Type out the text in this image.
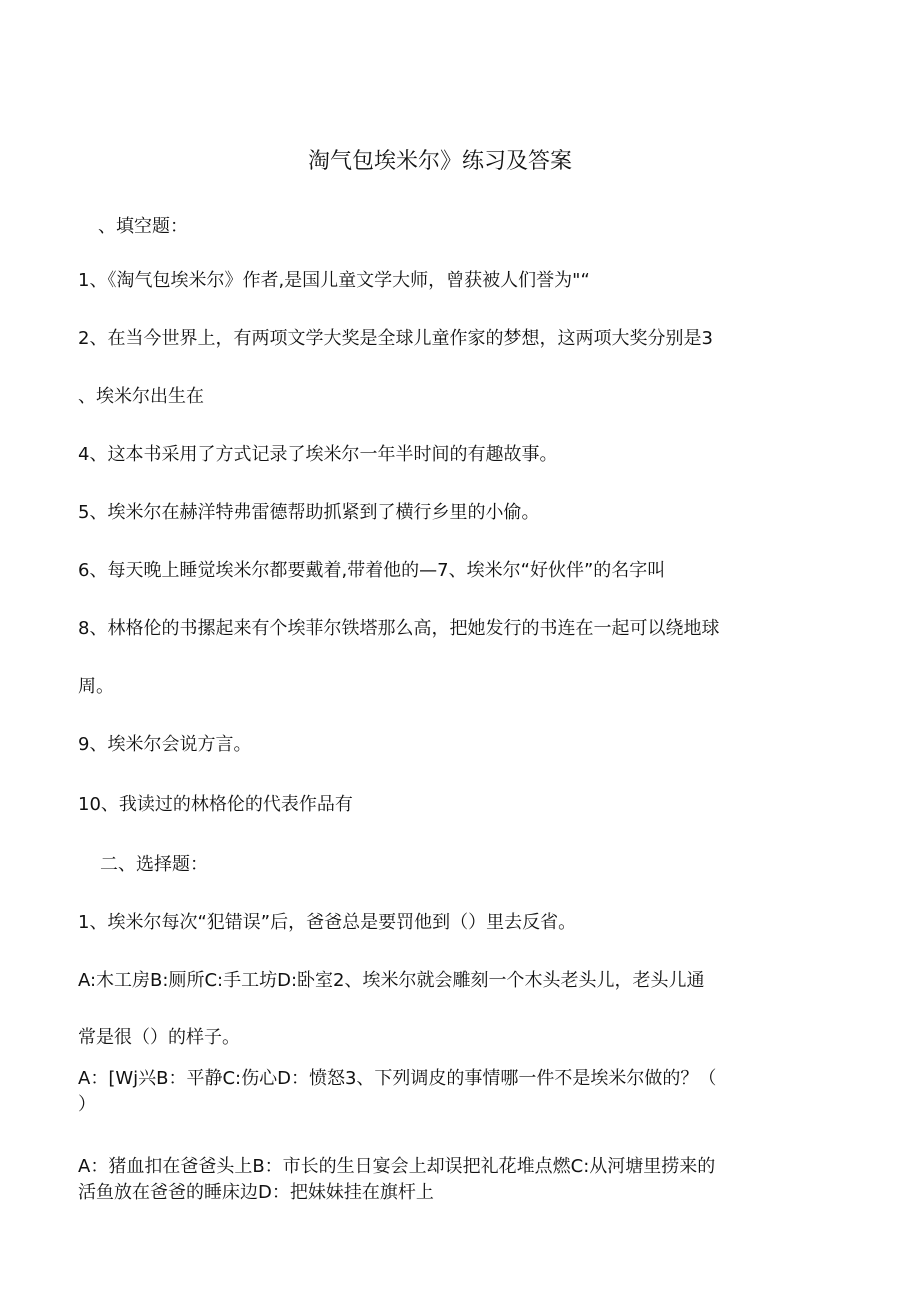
淘气包埃米尔》练习及答案
、填空题：
1、《淘气包埃米尔》作者,是国儿童文学大师，曾获被人们誉为"“
2、在当今世界上，有两项文学大奖是全球儿童作家的梦想，这两项大奖分别是3
、埃米尔出生在
4、这本书采用了方式记录了埃米尔一年半时间的有趣故事。
5、埃米尔在赫洋特弗雷德帮助抓紧到了横行乡里的小偷。
6、每天晚上睡觉埃米尔都要戴着,带着他的—7、埃米尔“好伙伴”的名字叫
8、林格伦的书摞起来有个埃菲尔铁塔那么高，把她发行的书连在一起可以绕地球
周。
9、埃米尔会说方言。
10、我读过的林格伦的代表作品有
二、选择题：
1、埃米尔每次“犯错误”后，爸爸总是要罚他到（）里去反省。
A:木工房B:厕所C:手工坊D:卧室2、埃米尔就会雕刻一个木头老头儿，老头儿通
常是很（）的样子。
A：[Wj兴B：平静C:伤心D：愤怒3、下列调皮的事情哪一件不是埃米尔做的？（
）
A：猪血扣在爸爸头上B：市长的生日宴会上却误把礼花堆点燃C:从河塘里捞来的
活鱼放在爸爸的睡床边D：把妹妹挂在旗杆上
